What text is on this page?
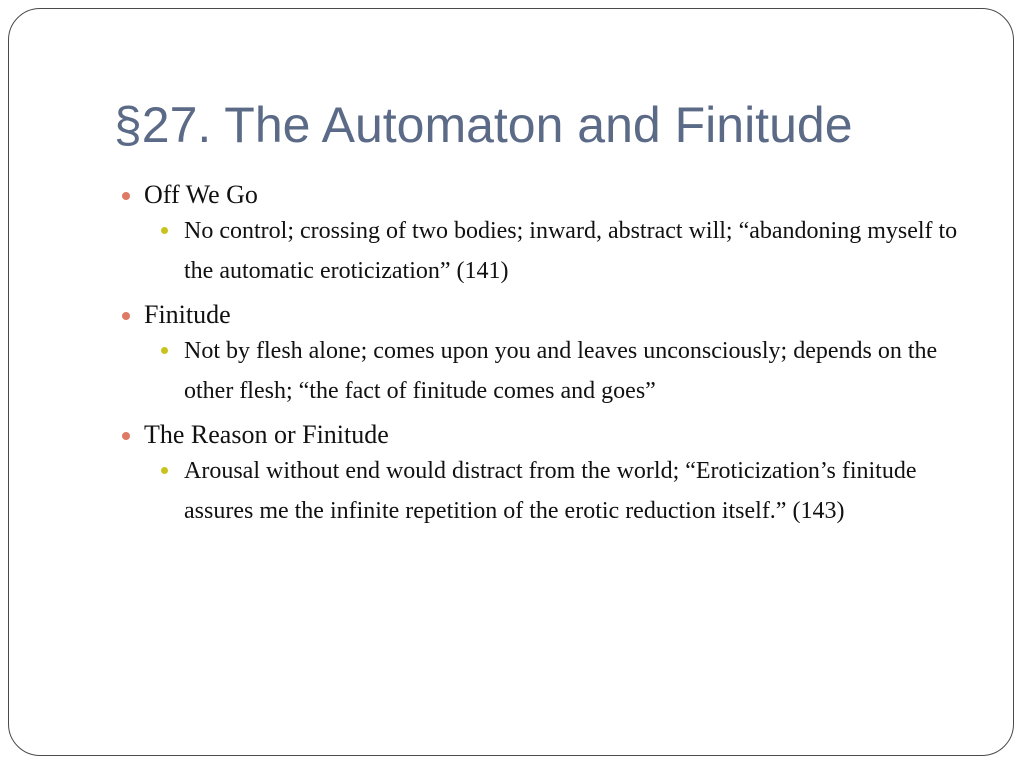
§27. The Automaton and Finitude
Off We Go
No control; crossing of two bodies; inward, abstract will; “abandoning myself to the automatic eroticization” (141)
Finitude
Not by flesh alone; comes upon you and leaves unconsciously; depends on the other flesh; “the fact of finitude comes and goes”
The Reason or Finitude
Arousal without end would distract from the world; “Eroticization’s finitude assures me the infinite repetition of the erotic reduction itself.” (143)
